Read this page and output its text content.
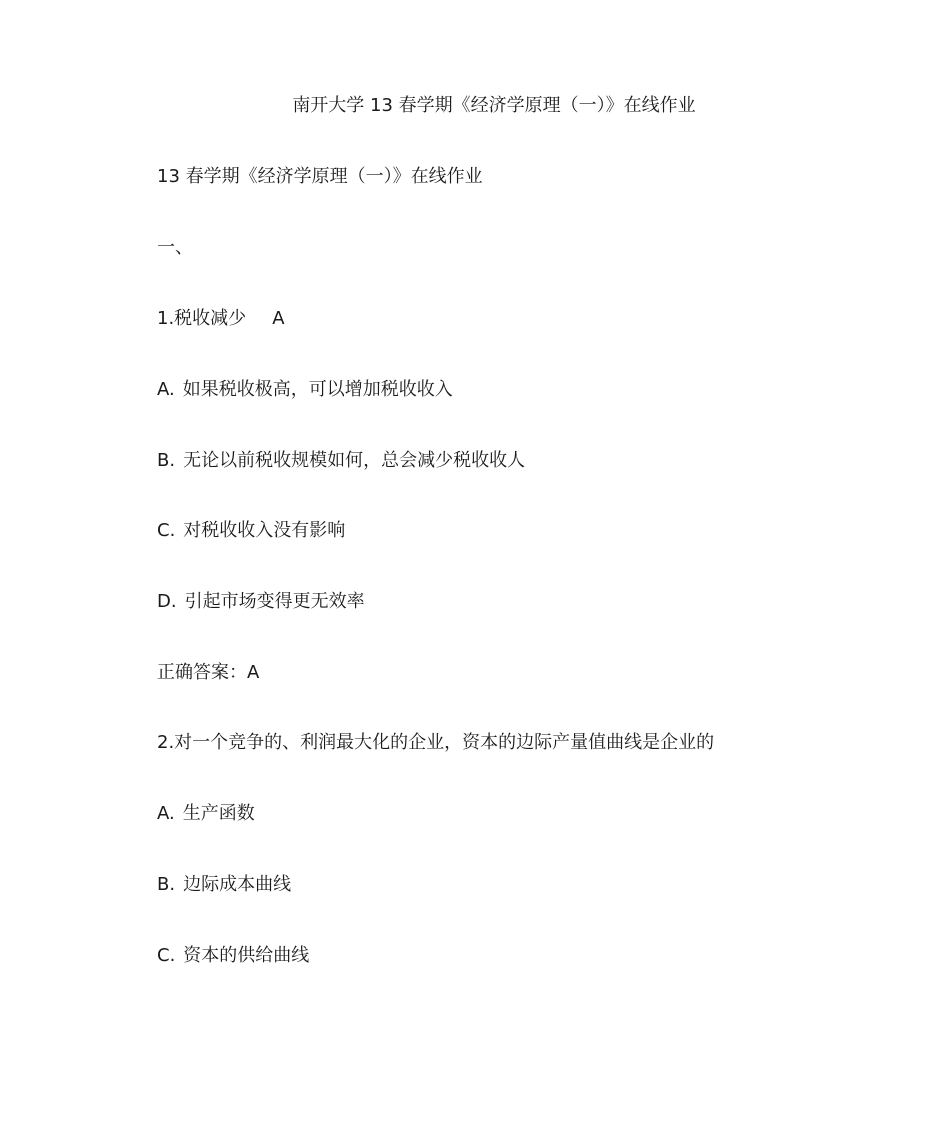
南开大学 13 春学期《经济学原理（一）》在线作业
13 春学期《经济学原理（一）》在线作业
一、
1.税收减少 A
A. 如果税收极高，可以增加税收收入
B. 无论以前税收规模如何，总会减少税收收人
C. 对税收收入没有影响
D. 引起市场变得更无效率
正确答案：A
2.对一个竞争的、利润最大化的企业，资本的边际产量值曲线是企业的
A. 生产函数
B. 边际成本曲线
C. 资本的供给曲线
